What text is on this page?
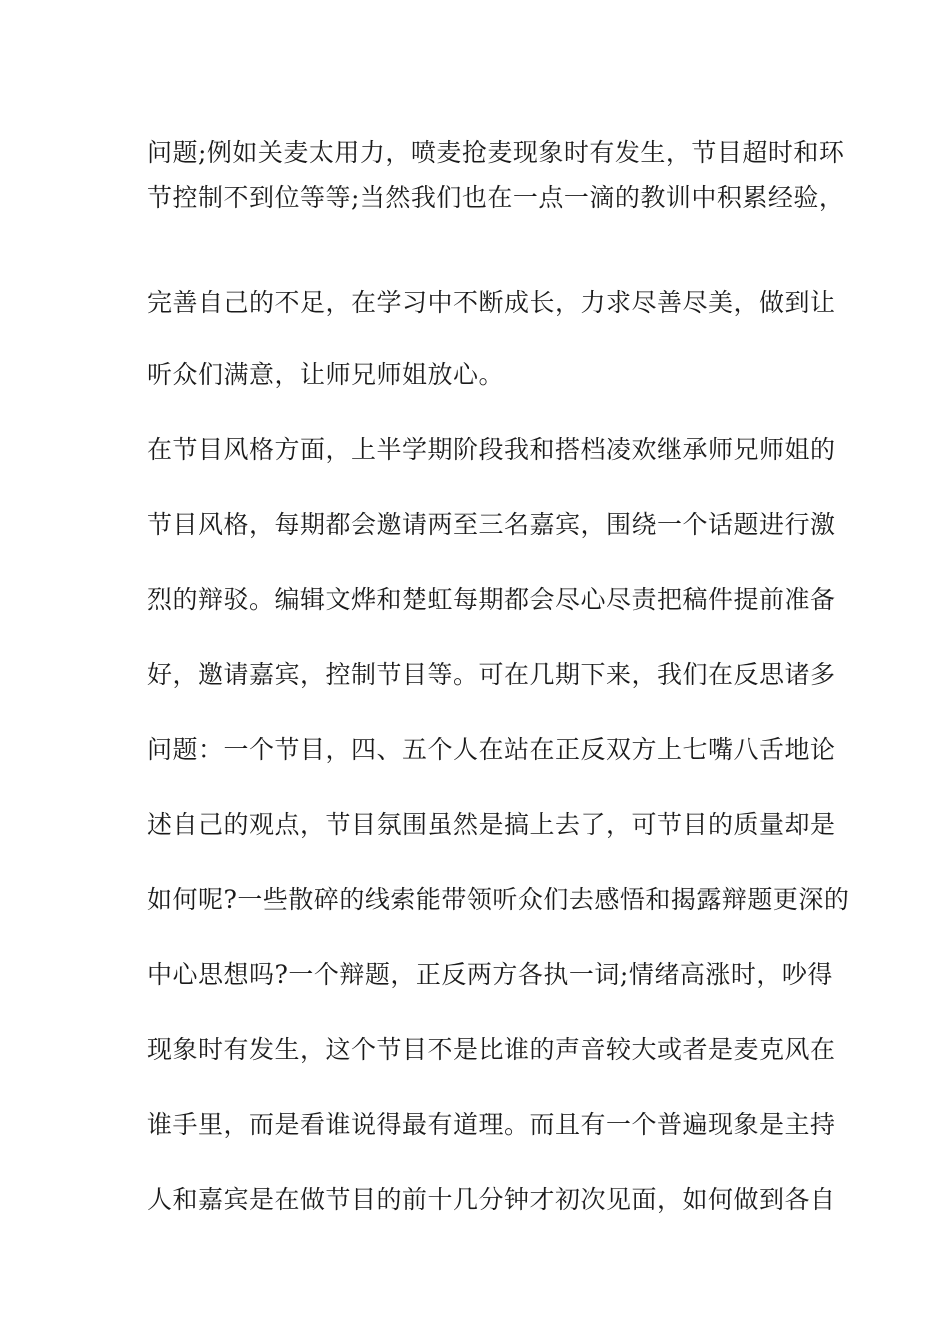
问题;例如关麦太用力，喷麦抢麦现象时有发生，节目超时和环
节控制不到位等等;当然我们也在一点一滴的教训中积累经验，
完善自己的不足，在学习中不断成长，力求尽善尽美，做到让
听众们满意，让师兄师姐放心。
在节目风格方面，上半学期阶段我和搭档凌欢继承师兄师姐的
节目风格，每期都会邀请两至三名嘉宾，围绕一个话题进行激
烈的辩驳。编辑文烨和楚虹每期都会尽心尽责把稿件提前准备
好，邀请嘉宾，控制节目等。可在几期下来，我们在反思诸多
问题：一个节目，四、五个人在站在正反双方上七嘴八舌地论
述自己的观点，节目氛围虽然是搞上去了，可节目的质量却是
如何呢?一些散碎的线索能带领听众们去感悟和揭露辩题更深的
中心思想吗?一个辩题，正反两方各执一词;情绪高涨时，吵得
现象时有发生，这个节目不是比谁的声音较大或者是麦克风在
谁手里，而是看谁说得最有道理。而且有一个普遍现象是主持
人和嘉宾是在做节目的前十几分钟才初次见面，如何做到各自
